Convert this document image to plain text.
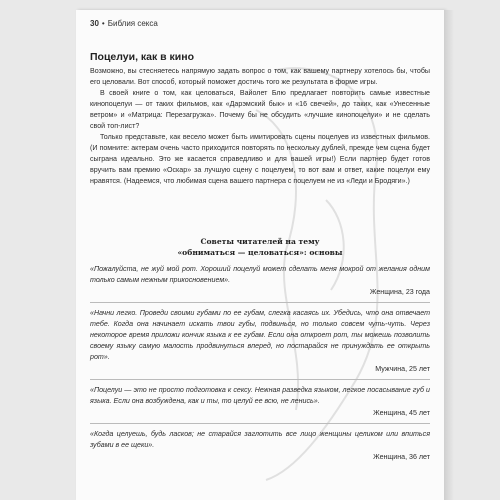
30 • Библия секса
Поцелуи, как в кино

Возможно, вы стесняетесь напрямую задать вопрос о том, как вашему партнеру хотелось бы, чтобы его целовали. Вот способ, который поможет достичь того же результата в форме игры.

В своей книге о том, как целоваться, Вайолет Блю предлагает повторить самые известные кинопоцелуи — от таких фильмов, как «Дарэмский бык» и «16 свечей», до таких, как «Унесенные ветром» и «Матрица: Перезагрузка». Почему бы не обсудить «лучшие кинопоцелуи» и не сделать свой топ-лист?

Только представьте, как весело может быть имитировать сцены поцелуев из известных фильмов. (И помните: актерам очень часто приходится повторять по нескольку дублей, прежде чем сцена будет сыграна идеально. Это же касается справедливо и для вашей игры!) Если партнер будет готов вручить вам премию «Оскар» за лучшую сцену с поцелуем, то вот вам и ответ, какие поцелуи ему нравятся. (Надеемся, что любимая сцена вашего партнера с поцелуем не из «Леди и Бродяги».)

Советы читателей на тему
«обниматься — целоваться»: основы
«Пожалуйста, не жуй мой рот. Хороший поцелуй может сделать меня мокрой от желания одним только самым нежным прикосновением».
Женщина, 23 года
«Начни легко. Проведи своими губами по ее губам, слегка касаясь их. Убедись, что она отвечает тебе. Когда она начинает искать твои губы, подвинься, но только совсем чуть-чуть. Через некоторое время приложи кончик языка к ее губам. Если она откроет рот, ты можешь позволить своему языку самую малость продвинуться вперед, но постарайся не принуждать ее открыть рот».
Мужчина, 25 лет
«Поцелуи — это не просто подготовка к сексу. Нежная разведка языком, легкое посасывание губ и языка. Если она возбуждена, как и ты, то целуй ее всю, не ленись».
Женщина, 45 лет
«Когда целуешь, будь ласков; не старайся заглотить все лицо женщины целиком или впиться зубами в ее щеки».
Женщина, 36 лет
